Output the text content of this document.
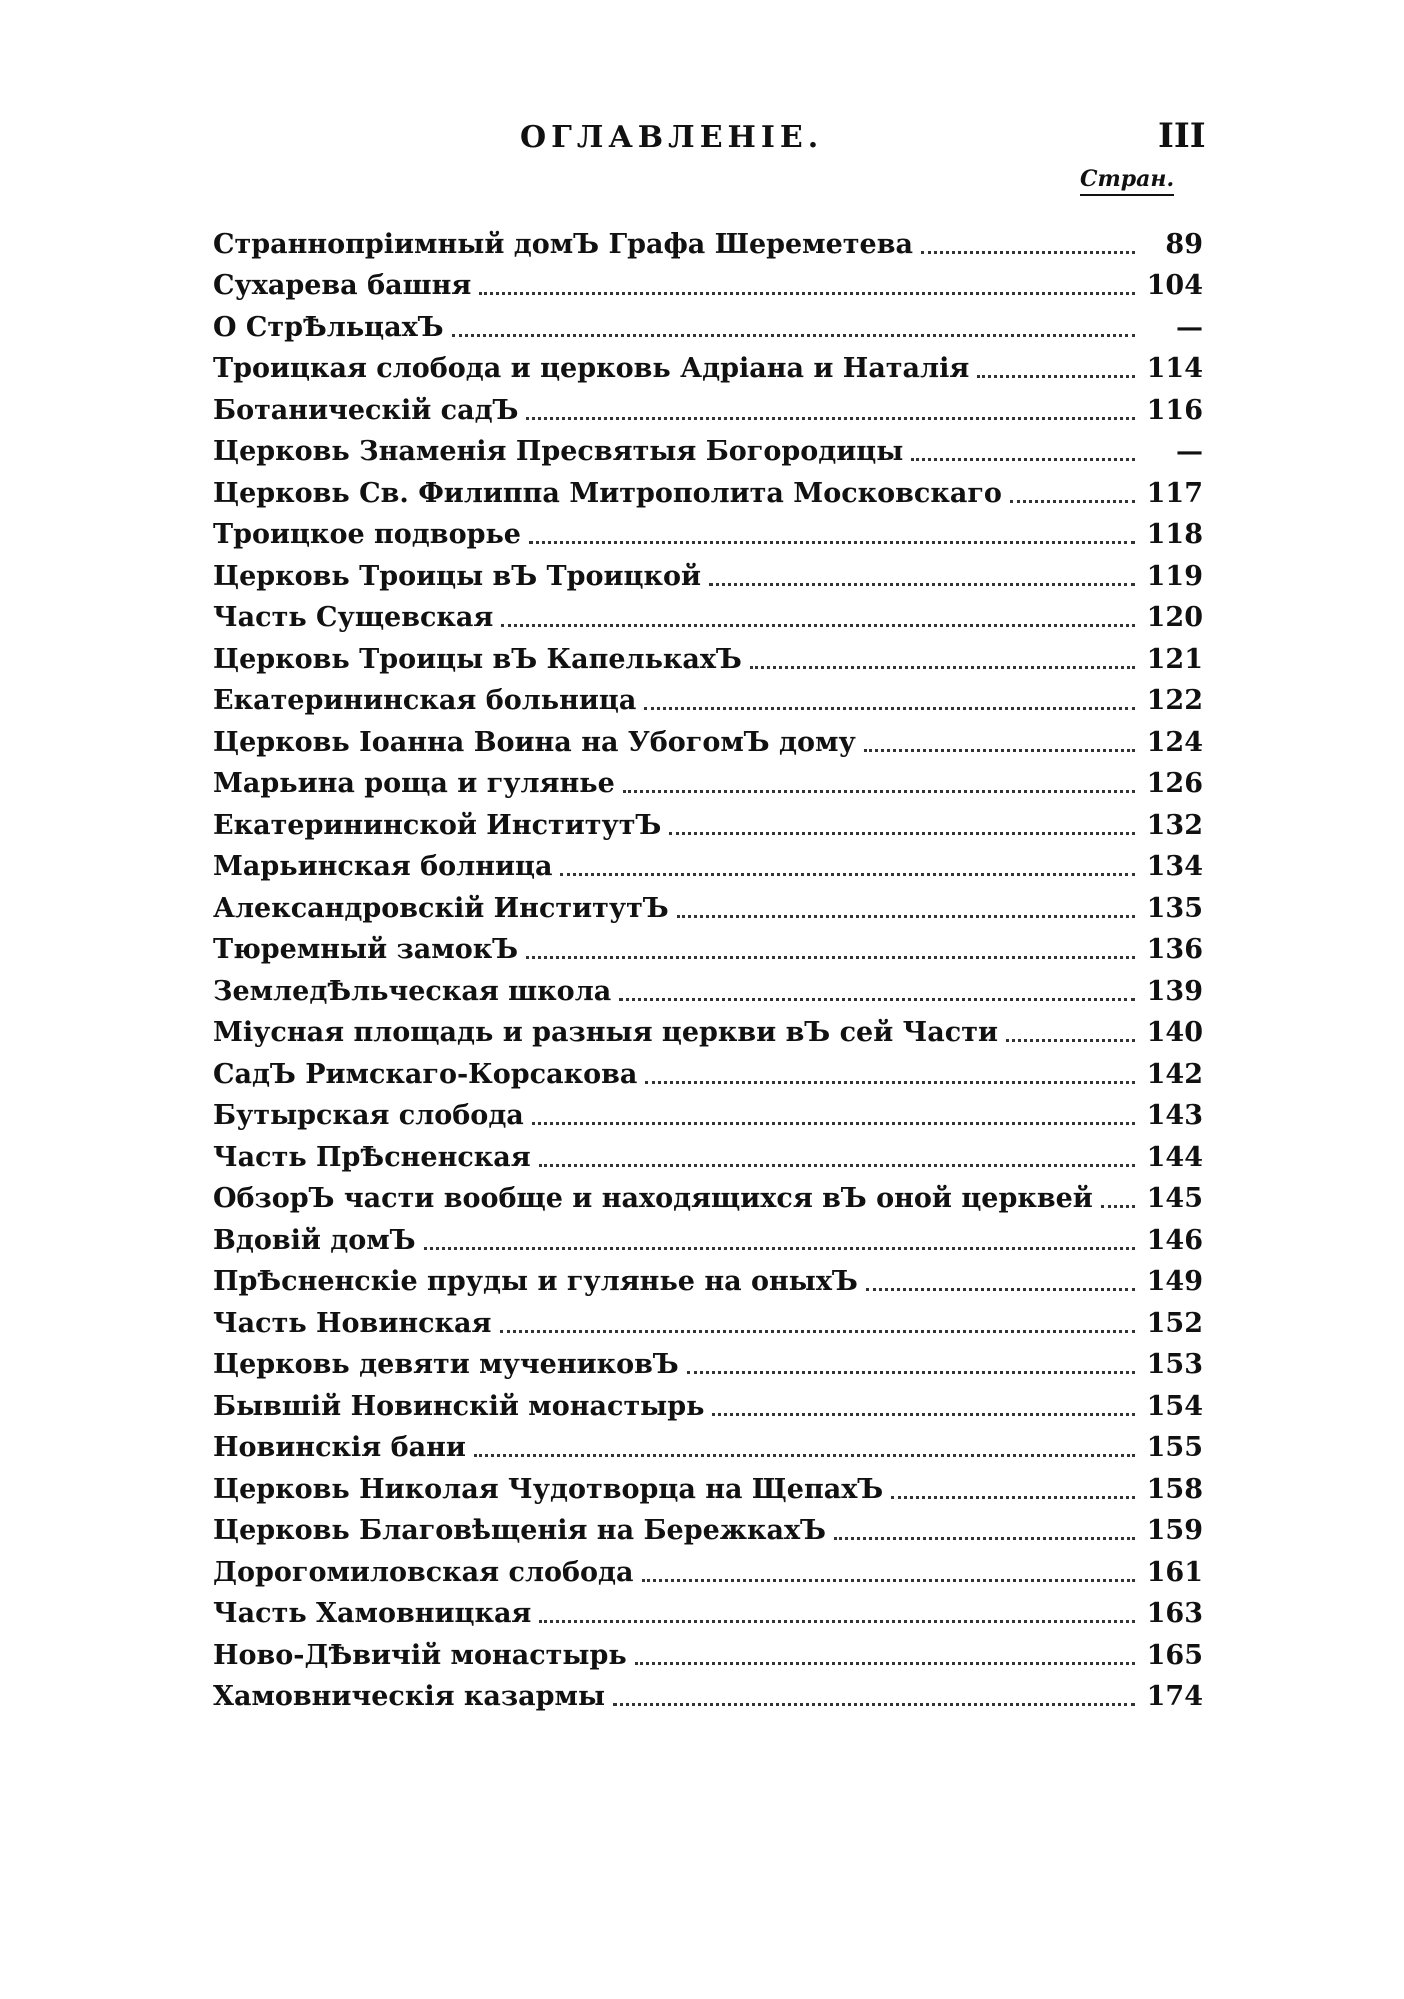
ОГЛАВЛЕНІЕ.	III
Стран.
Страннопріимный домЪ Графа Шереметева	89
Сухарева башня	104
О СтрѢльцахЪ	—
Троицкая слобода и церковь Адріана и Наталія	114
Ботаническій садЪ	116
Церковь Знаменія Пресвятыя Богородицы	—
Церковь Св. Филиппа Митрополита Московскаго	117
Троицкое подворье	118
Церковь Троицы вЪ Троицкой	119
Часть Сущевская	120
Церковь Троицы вЪ КапелькахЪ	121
Екатерининская больница	122
Церковь Іоанна Воина на УбогомЪ дому	124
Марьина роща и гулянье	126
Екатерининской ИнститутЪ	132
Марьинская болница	134
Александровскій ИнститутЪ	135
Тюремный замокЪ	136
ЗемледѢльческая школа	139
Міусная площадь и разныя церкви вЪ сей Части	140
СадЪ Римскаго-Корсакова	142
Бутырская слобода	143
Часть ПрѢсненская	144
ОбзорЪ части вообще и находящихся вЪ оной церквей 145
Вдовій домЪ	146
ПрѢсненскіе пруды и гулянье на оныхЪ	149
Часть Новинская	152
Церковь девяти мучениковЪ	153
Бывшій Новинскій монастырь	154
Новинскія бани	155
Церковь Николая Чудотворца на ЩепахЪ	158
Церковь Благовѣщенія на БережкахЪ	159
Дорогомиловская слобода	161
Часть Хамовницкая	163
Ново-ДѢвичій монастырь	165
Хамовническія казармы	174
